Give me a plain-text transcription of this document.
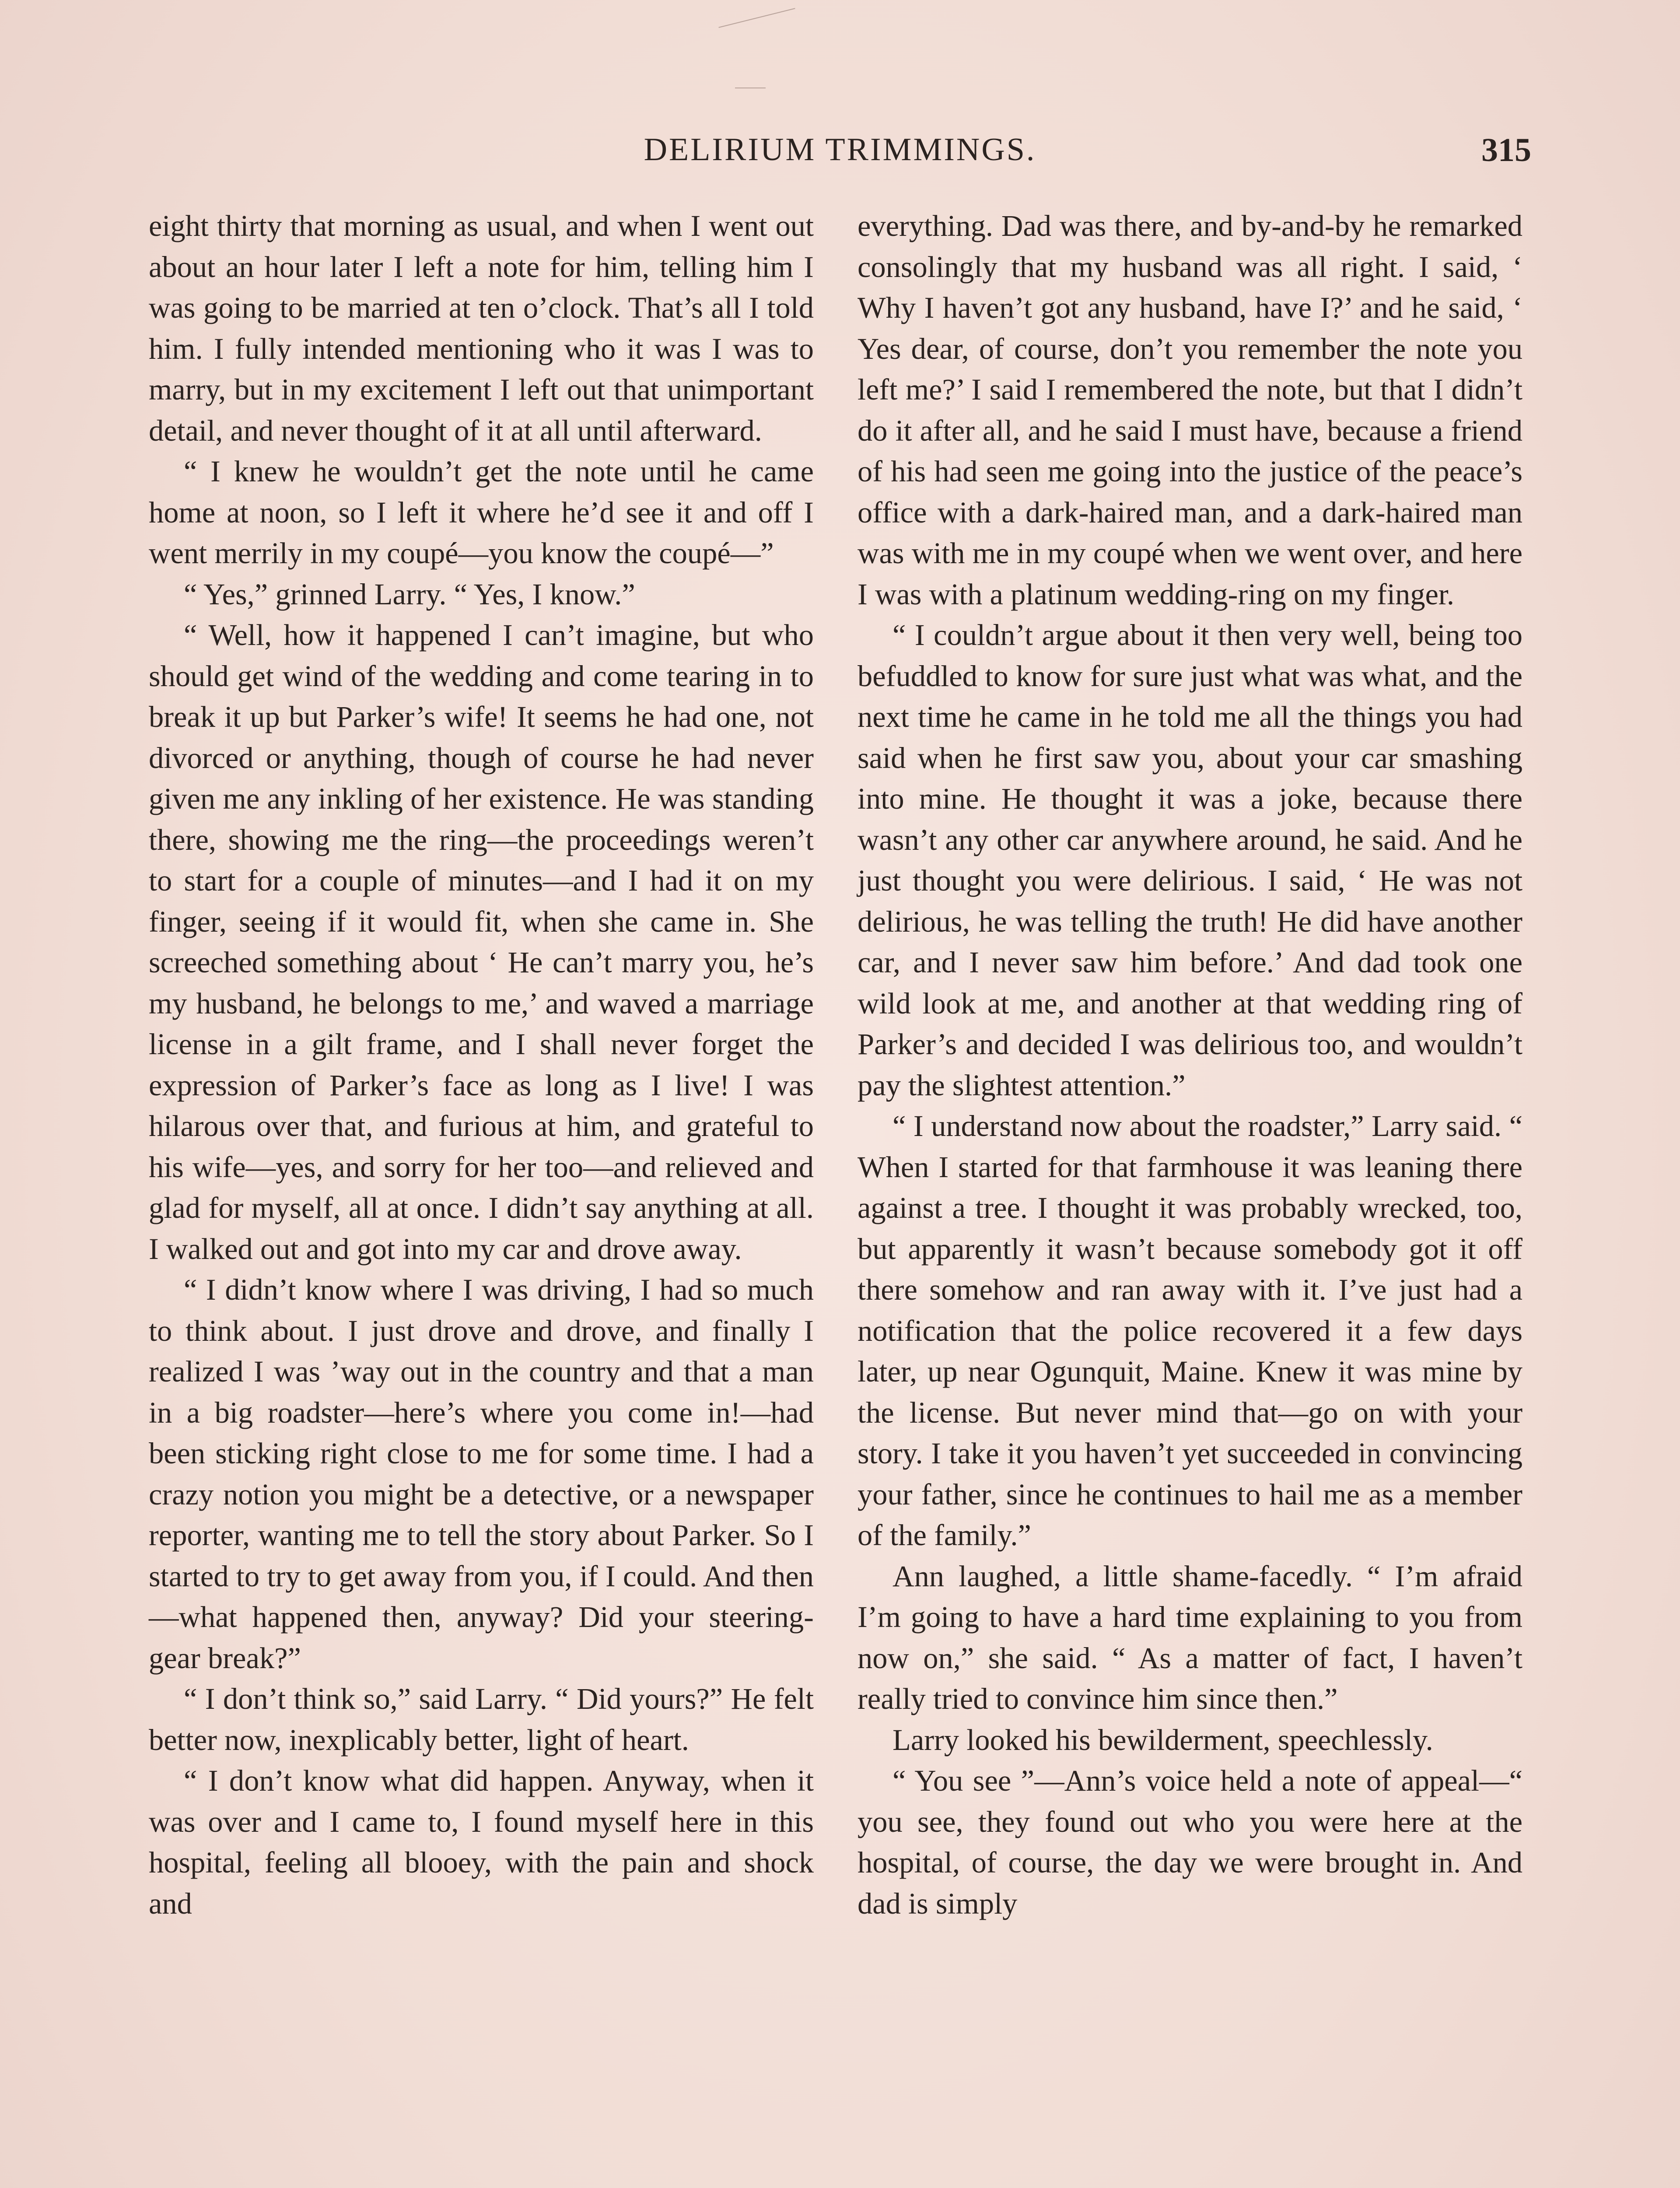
DELIRIUM TRIMMINGS.	315

eight thirty that morning as usual, and when I went out about an hour later I left a note for him, telling him I was going to be married at ten o’clock. That’s all I told him. I fully intended mentioning who it was I was to marry, but in my excitement I left out that unimportant detail, and never thought of it at all until afterward.

“ I knew he wouldn’t get the note until he came home at noon, so I left it where he’d see it and off I went merrily in my coupé—you know the coupé—”

“ Yes,” grinned Larry. “ Yes, I know.”

“ Well, how it happened I can’t imagine, but who should get wind of the wedding and come tearing in to break it up but Parker’s wife! It seems he had one, not divorced or anything, though of course he had never given me any inkling of her existence. He was standing there, showing me the ring—the proceedings weren’t to start for a couple of minutes—and I had it on my finger, seeing if it would fit, when she came in. She screeched something about ‘ He can’t marry you, he’s my husband, he belongs to me,’ and waved a marriage license in a gilt frame, and I shall never forget the expression of Parker’s face as long as I live! I was hilarous over that, and furious at him, and grateful to his wife—yes, and sorry for her too—and relieved and glad for myself, all at once. I didn’t say anything at all. I walked out and got into my car and drove away.

“ I didn’t know where I was driving, I had so much to think about. I just drove and drove, and finally I realized I was ’way out in the country and that a man in a big roadster—here’s where you come in!—had been sticking right close to me for some time. I had a crazy notion you might be a detective, or a newspaper reporter, wanting me to tell the story about Parker. So I started to try to get away from you, if I could. And then—what happened then, anyway? Did your steering-gear break?”

“ I don’t think so,” said Larry. “ Did yours?” He felt better now, inexplicably better, light of heart.

“ I don’t know what did happen. Anyway, when it was over and I came to, I found myself here in this hospital, feeling all blooey, with the pain and shock and

everything. Dad was there, and by-and-by he remarked consolingly that my husband was all right. I said, ‘ Why I haven’t got any husband, have I?’ and he said, ‘ Yes dear, of course, don’t you remember the note you left me?’ I said I remembered the note, but that I didn’t do it after all, and he said I must have, because a friend of his had seen me going into the justice of the peace’s office with a dark-haired man, and a dark-haired man was with me in my coupé when we went over, and here I was with a platinum wedding-ring on my finger.

“ I couldn’t argue about it then very well, being too befuddled to know for sure just what was what, and the next time he came in he told me all the things you had said when he first saw you, about your car smashing into mine. He thought it was a joke, because there wasn’t any other car anywhere around, he said. And he just thought you were delirious. I said, ‘ He was not delirious, he was telling the truth! He did have another car, and I never saw him before.’ And dad took one wild look at me, and another at that wedding ring of Parker’s and decided I was delirious too, and wouldn’t pay the slightest attention.”

“ I understand now about the roadster,” Larry said. “ When I started for that farmhouse it was leaning there against a tree. I thought it was probably wrecked, too, but apparently it wasn’t because somebody got it off there somehow and ran away with it. I’ve just had a notification that the police recovered it a few days later, up near Ogunquit, Maine. Knew it was mine by the license. But never mind that—go on with your story. I take it you haven’t yet succeeded in convincing your father, since he continues to hail me as a member of the family.”

Ann laughed, a little shame-facedly. “ I’m afraid I’m going to have a hard time explaining to you from now on,” she said. “ As a matter of fact, I haven’t really tried to convince him since then.”

Larry looked his bewilderment, speechlessly.

“ You see ”—Ann’s voice held a note of appeal—“ you see, they found out who you were here at the hospital, of course, the day we were brought in. And dad is simply
